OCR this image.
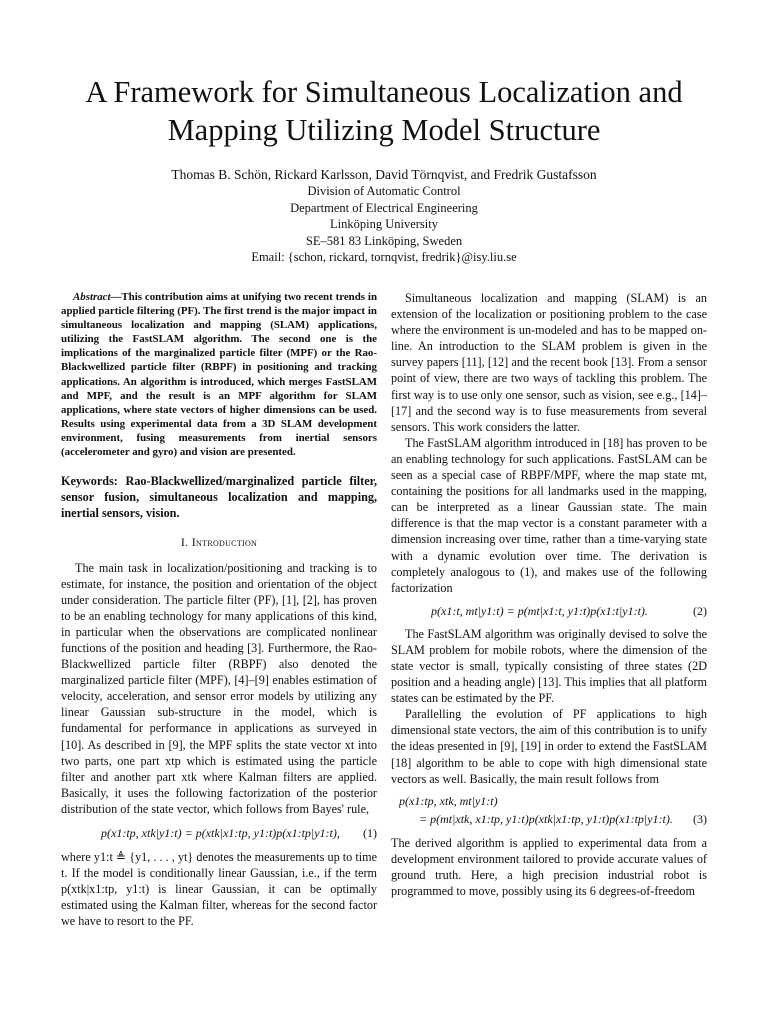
A Framework for Simultaneous Localization and
Mapping Utilizing Model Structure
Thomas B. Schön, Rickard Karlsson, David Törnqvist, and Fredrik Gustafsson
Division of Automatic Control
Department of Electrical Engineering
Linköping University
SE–581 83 Linköping, Sweden
Email: {schon, rickard, tornqvist, fredrik}@isy.liu.se

Abstract—This contribution aims at unifying two recent trends in applied particle filtering (PF). The first trend is the major impact in simultaneous localization and mapping (SLAM) applications, utilizing the FastSLAM algorithm. The second one is the implications of the marginalized particle filter (MPF) or the Rao-Blackwellized particle filter (RBPF) in positioning and tracking applications. An algorithm is introduced, which merges FastSLAM and MPF, and the result is an MPF algorithm for SLAM applications, where state vectors of higher dimensions can be used. Results using experimental data from a 3D SLAM development environment, fusing measurements from inertial sensors (accelerometer and gyro) and vision are presented.

Keywords: Rao-Blackwellized/marginalized particle filter, sensor fusion, simultaneous localization and mapping, inertial sensors, vision.

I. Introduction

The main task in localization/positioning and tracking is to estimate, for instance, the position and orientation of the object under consideration. The particle filter (PF), [1], [2], has proven to be an enabling technology for many applications of this kind, in particular when the observations are complicated nonlinear functions of the position and heading [3]. Furthermore, the Rao-Blackwellized particle filter (RBPF) also denoted the marginalized particle filter (MPF), [4]–[9] enables estimation of velocity, acceleration, and sensor error models by utilizing any linear Gaussian sub-structure in the model, which is fundamental for performance in applications as surveyed in [10]. As described in [9], the MPF splits the state vector xt into two parts, one part xtp which is estimated using the particle filter and another part xtk where Kalman filters are applied. Basically, it uses the following factorization of the posterior distribution of the state vector, which follows from Bayes' rule,

p(x1:tp, xtk|y1:t) = p(xtk|x1:tp, y1:t)p(x1:tp|y1:t), (1)

where y1:t ≜ {y1, . . . , yt} denotes the measurements up to time t. If the model is conditionally linear Gaussian, i.e., if the term p(xtk|x1:tp, y1:t) is linear Gaussian, it can be optimally estimated using the Kalman filter, whereas for the second factor we have to resort to the PF.

Simultaneous localization and mapping (SLAM) is an extension of the localization or positioning problem to the case where the environment is un-modeled and has to be mapped on-line. An introduction to the SLAM problem is given in the survey papers [11], [12] and the recent book [13]. From a sensor point of view, there are two ways of tackling this problem. The first way is to use only one sensor, such as vision, see e.g., [14]–[17] and the second way is to fuse measurements from several sensors. This work considers the latter.

The FastSLAM algorithm introduced in [18] has proven to be an enabling technology for such applications. FastSLAM can be seen as a special case of RBPF/MPF, where the map state mt, containing the positions for all landmarks used in the mapping, can be interpreted as a linear Gaussian state. The main difference is that the map vector is a constant parameter with a dimension increasing over time, rather than a time-varying state with a dynamic evolution over time. The derivation is completely analogous to (1), and makes use of the following factorization

p(x1:t, mt|y1:t) = p(mt|x1:t, y1:t)p(x1:t|y1:t).	(2)

The FastSLAM algorithm was originally devised to solve the SLAM problem for mobile robots, where the dimension of the state vector is small, typically consisting of three states (2D position and a heading angle) [13]. This implies that all platform states can be estimated by the PF.

Parallelling the evolution of PF applications to high dimensional state vectors, the aim of this contribution is to unify the ideas presented in [9], [19] in order to extend the FastSLAM [18] algorithm to be able to cope with high dimensional state vectors as well. Basically, the main result follows from

p(x1:tp, xtk, mt|y1:t)
= p(mt|xtk, x1:tp, y1:t)p(xtk|x1:tp, y1:t)p(x1:tp|y1:t). (3)

The derived algorithm is applied to experimental data from a development environment tailored to provide accurate values of ground truth. Here, a high precision industrial robot is programmed to move, possibly using its 6 degrees-of-freedom
